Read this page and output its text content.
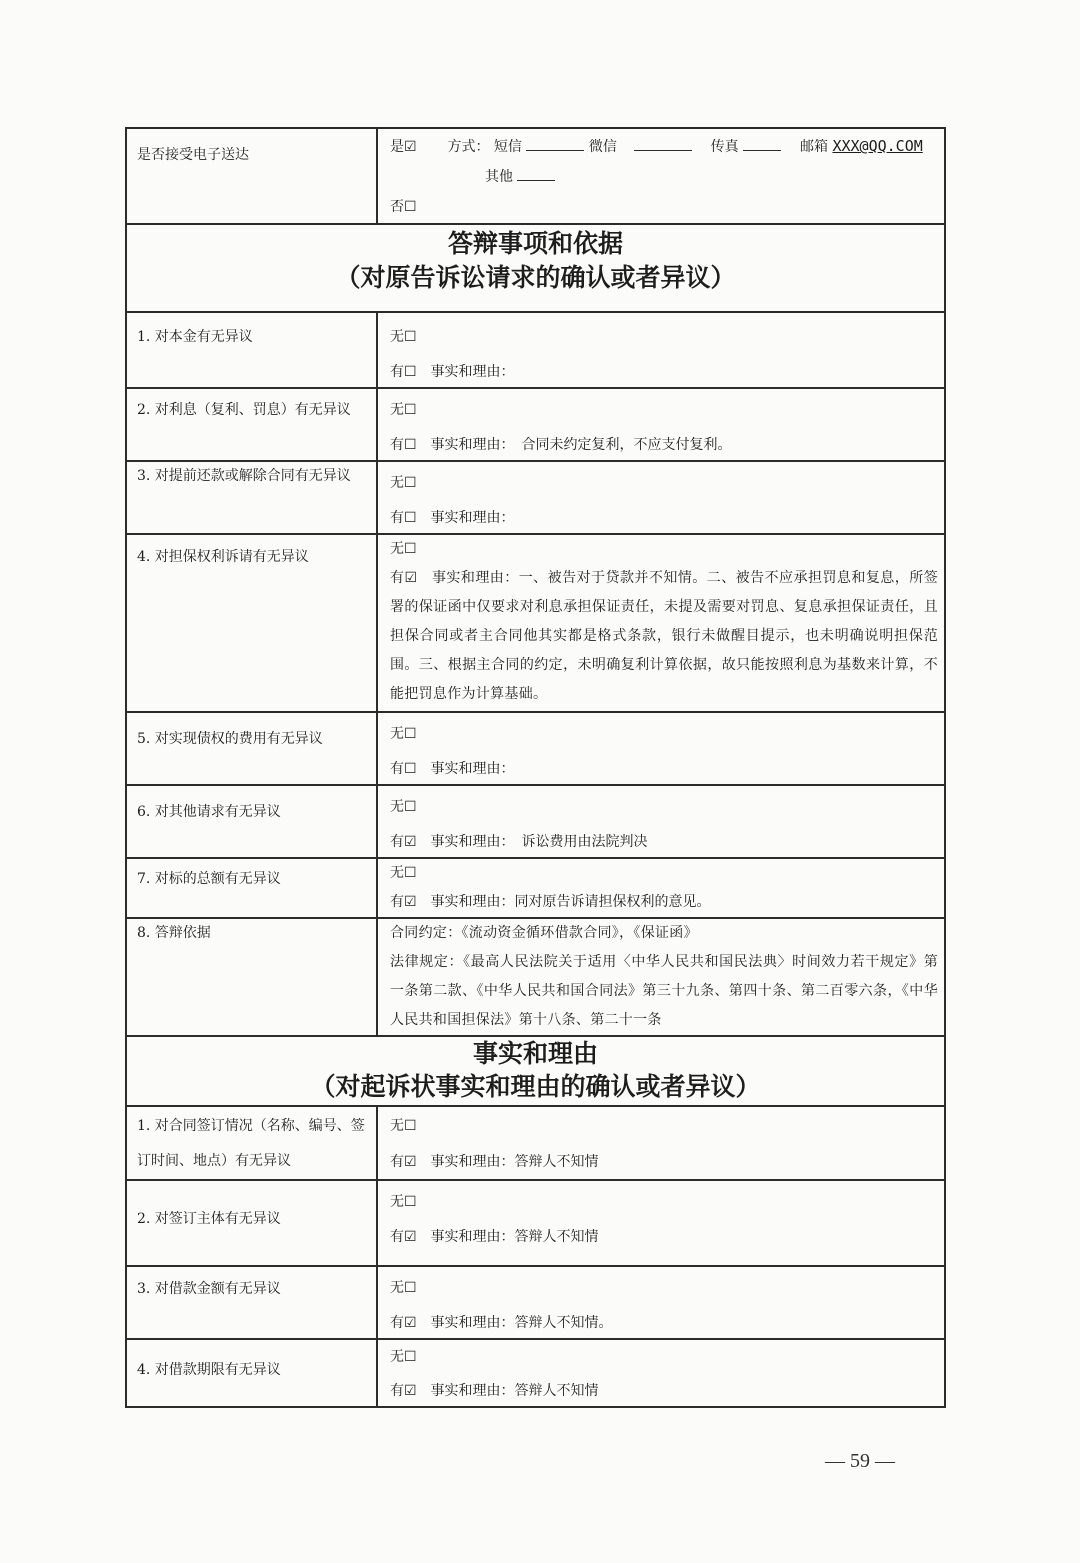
是否接受电子送达	是☑ 方式： 短信 微信 传真 邮箱 XXX@QQ.COM
其他
否☐

答辩事项和依据
（对原告诉讼请求的确认或者异议）	

1. 对本金有无异议	无☐
有☐　事实和理由：

2. 对利息（复利、罚息）有无异议	无☐
有☐　事实和理由：　合同未约定复利，不应支付复利。

3. 对提前还款或解除合同有无异议	无☐
有☐　事实和理由：

4. 对担保权利诉请有无异议	无☐
有☑　事实和理由：一、被告对于贷款并不知情。二、被告不应承担罚息和复息，所签署的保证函中仅要求对利息承担保证责任，未提及需要对罚息、复息承担保证责任，且担保合同或者主合同他其实都是格式条款，银行未做醒目提示，也未明确说明担保范围。三、根据主合同的约定，未明确复利计算依据，故只能按照利息为基数来计算，不能把罚息作为计算基础。

5. 对实现债权的费用有无异议	无☐
有☐　事实和理由：

6. 对其他请求有无异议	无☐
有☑　事实和理由：　诉讼费用由法院判决

7. 对标的总额有无异议	无☐
有☑　事实和理由：同对原告诉请担保权利的意见。

8. 答辩依据	合同约定：《流动资金循环借款合同》，《保证函》
法律规定：《最高人民法院关于适用〈中华人民共和国民法典〉时间效力若干规定》第一条第二款、《中华人民共和国合同法》第三十九条、第四十条、第二百零六条，《中华人民共和国担保法》第十八条、第二十一条

事实和理由
（对起诉状事实和理由的确认或者异议）	

1. 对合同签订情况（名称、编号、签订时间、地点）有无异议	无☐
有☑　事实和理由：答辩人不知情

2. 对签订主体有无异议	无☐
有☑　事实和理由：答辩人不知情

3. 对借款金额有无异议	无☐
有☑　事实和理由：答辩人不知情。

4. 对借款期限有无异议	无☐
有☑　事实和理由：答辩人不知情
— 59 —
